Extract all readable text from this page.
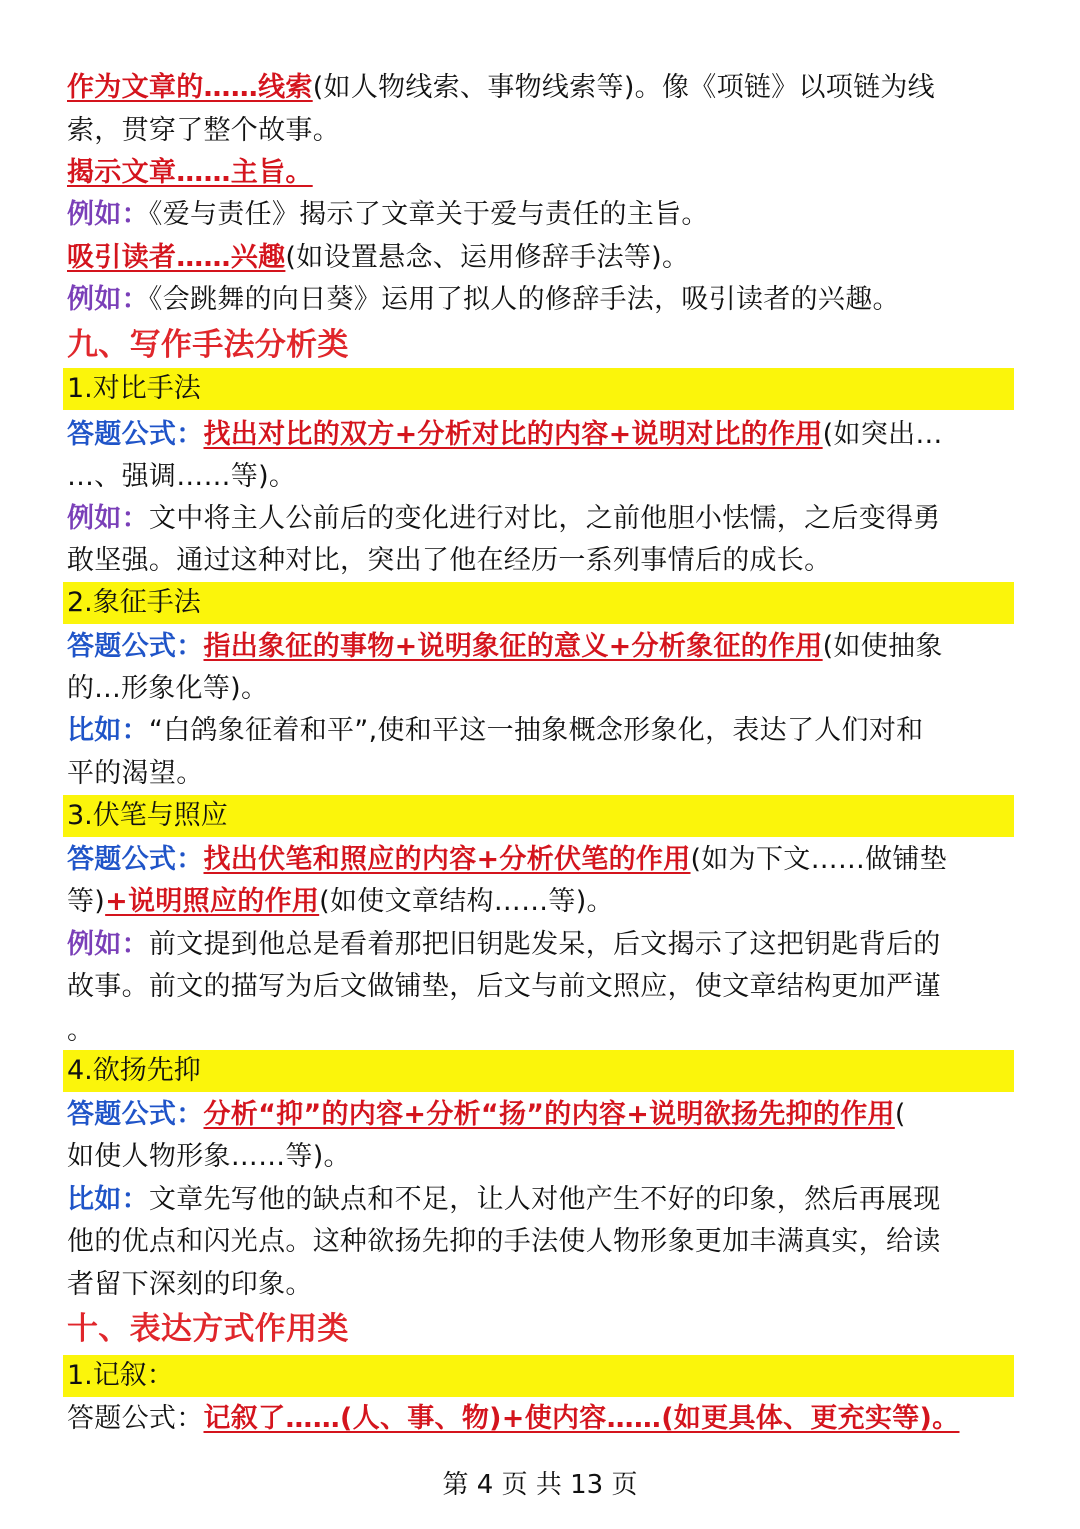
作为文章的……线索(如人物线索、事物线索等)。像《项链》以项链为线
索，贯穿了整个故事。
揭示文章……主旨。
例如：《爱与责任》揭示了文章关于爱与责任的主旨。
吸引读者……兴趣(如设置悬念、运用修辞手法等)。
例如：《会跳舞的向日葵》运用了拟人的修辞手法，吸引读者的兴趣。
九、写作手法分析类
1.对比手法
答题公式：找出对比的双方+分析对比的内容+说明对比的作用(如突出…
…、强调……等)。
例如：文中将主人公前后的变化进行对比，之前他胆小怯懦，之后变得勇
敢坚强。通过这种对比，突出了他在经历一系列事情后的成长。
2.象征手法
答题公式：指出象征的事物+说明象征的意义+分析象征的作用(如使抽象
的...形象化等)。
比如：“白鸽象征着和平”,使和平这一抽象概念形象化，表达了人们对和
平的渴望。
3.伏笔与照应
答题公式：找出伏笔和照应的内容+分析伏笔的作用(如为下文……做铺垫
等)+说明照应的作用(如使文章结构……等)。
例如：前文提到他总是看着那把旧钥匙发呆，后文揭示了这把钥匙背后的
故事。前文的描写为后文做铺垫，后文与前文照应，使文章结构更加严谨
。
4.欲扬先抑
答题公式：分析“抑”的内容+分析“扬”的内容+说明欲扬先抑的作用(
如使人物形象……等)。
比如：文章先写他的缺点和不足，让人对他产生不好的印象，然后再展现
他的优点和闪光点。这种欲扬先抑的手法使人物形象更加丰满真实，给读
者留下深刻的印象。
十、表达方式作用类
1.记叙：
答题公式：记叙了……(人、事、物)+使内容……(如更具体、更充实等)。
第 4 页 共 13 页
